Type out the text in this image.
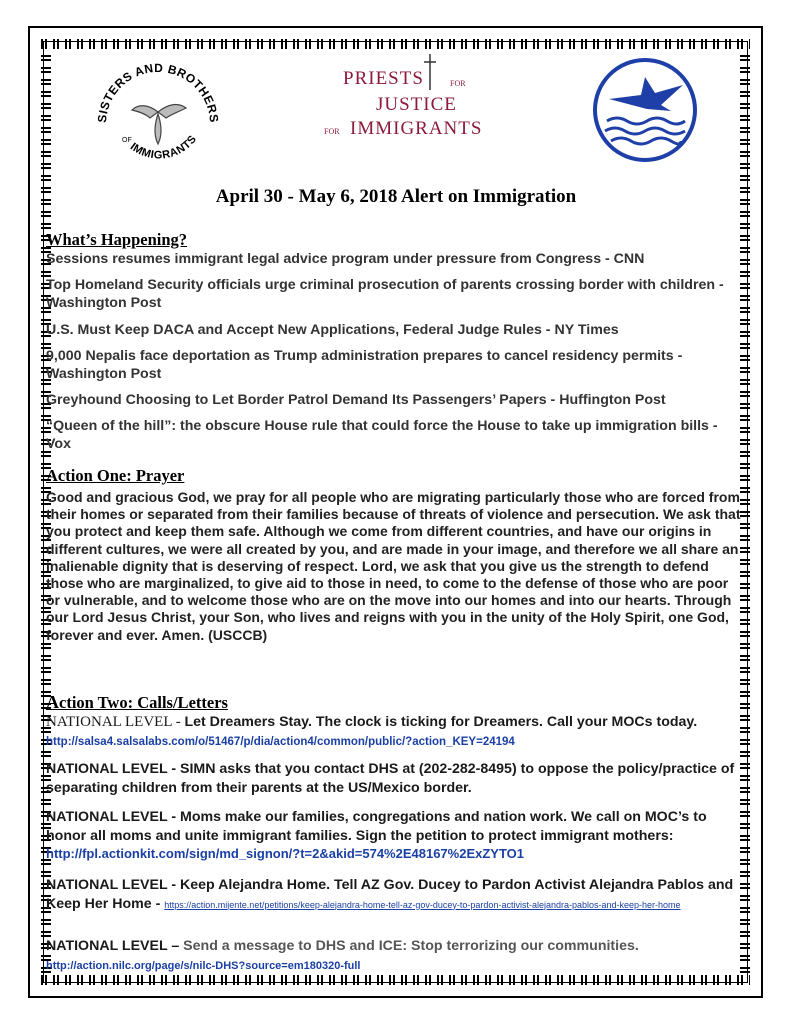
SISTERS AND BROTHERS
IMMIGRANTS
OF
PRIESTS	FOR
JUSTICE
FOR IMMIGRANTS
April 30 - May 6, 2018 Alert on Immigration
What’s Happening?
Sessions resumes immigrant legal advice program under pressure from Congress - CNN
Top Homeland Security officials urge criminal prosecution of parents crossing border with children - Washington Post
U.S. Must Keep DACA and Accept New Applications, Federal Judge Rules - NY Times
9,000 Nepalis face deportation as Trump administration prepares to cancel residency permits - Washington Post
Greyhound Choosing to Let Border Patrol Demand Its Passengers’ Papers - Huffington Post
“Queen of the hill”: the obscure House rule that could force the House to take up immigration bills - Vox
Action One: Prayer
Good and gracious God, we pray for all people who are migrating particularly those who are forced from their homes or separated from their families because of threats of violence and persecution. We ask that you protect and keep them safe. Although we come from different countries, and have our origins in different cultures, we were all created by you, and are made in your image, and therefore we all share an inalienable dignity that is deserving of respect. Lord, we ask that you give us the strength to defend those who are marginalized, to give aid to those in need, to come to the defense of those who are poor or vulnerable, and to welcome those who are on the move into our homes and into our hearts. Through our Lord Jesus Christ, your Son, who lives and reigns with you in the unity of the Holy Spirit, one God, forever and ever. Amen. (USCCB)
Action Two: Calls/Letters
NATIONAL LEVEL - Let Dreamers Stay. The clock is ticking for Dreamers. Call your MOCs today. http://salsa4.salsalabs.com/o/51467/p/dia/action4/common/public/?action_KEY=24194
NATIONAL LEVEL - SIMN asks that you contact DHS at (202-282-8495) to oppose the policy/practice of separating children from their parents at the US/Mexico border.
NATIONAL LEVEL - Moms make our families, congregations and nation work. We call on MOC’s to honor all moms and unite immigrant families. Sign the petition to protect immigrant mothers: http://fpl.actionkit.com/sign/md_signon/?t=2&akid=574%2E48167%2ExZYTO1
NATIONAL LEVEL - Keep Alejandra Home. Tell AZ Gov. Ducey to Pardon Activist Alejandra Pablos and Keep Her Home - https://action.mijente.net/petitions/keep-alejandra-home-tell-az-gov-ducey-to-pardon-activist-alejandra-pablos-and-keep-her-home
NATIONAL LEVEL – Send a message to DHS and ICE: Stop terrorizing our communities.
http://action.nilc.org/page/s/nilc-DHS?source=em180320-full
